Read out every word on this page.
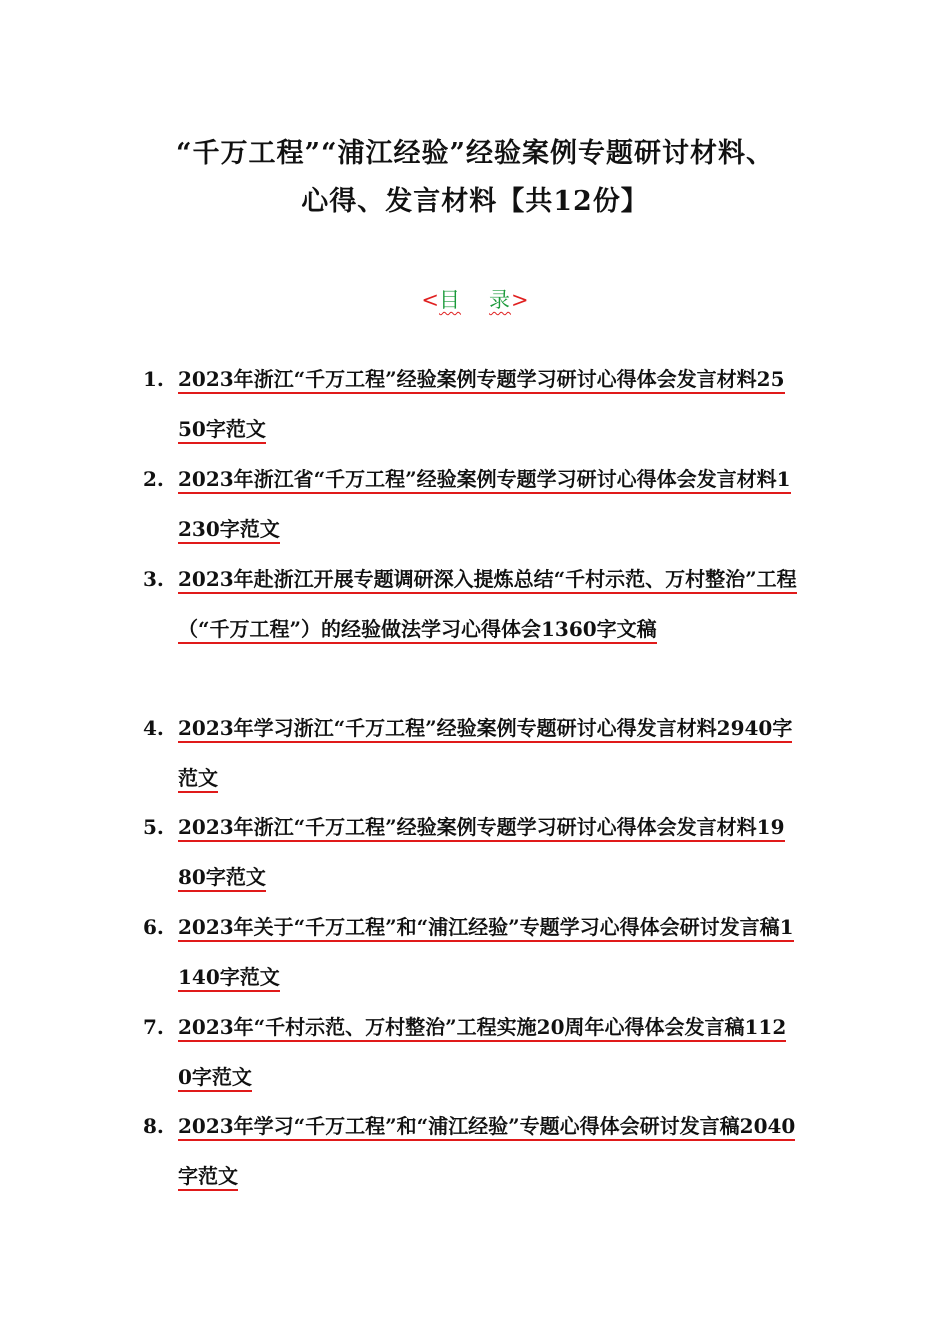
“千万工程”“浦江经验”经验案例专题研讨材料、
心得、发言材料【共12份】
<目 录>
1. 2023年浙江“千万工程”经验案例专题学习研讨心得体会发言材料2550字范文
2. 2023年浙江省“千万工程”经验案例专题学习研讨心得体会发言材料1230字范文
3. 2023年赴浙江开展专题调研深入提炼总结“千村示范、万村整治”工程（“千万工程”）的经验做法学习心得体会1360字文稿
4. 2023年学习浙江“千万工程”经验案例专题研讨心得发言材料2940字范文
5. 2023年浙江“千万工程”经验案例专题学习研讨心得体会发言材料1980字范文
6. 2023年关于“千万工程”和“浦江经验”专题学习心得体会研讨发言稿1140字范文
7. 2023年“千村示范、万村整治”工程实施20周年心得体会发言稿1120字范文
8. 2023年学习“千万工程”和“浦江经验”专题心得体会研讨发言稿2040字范文
